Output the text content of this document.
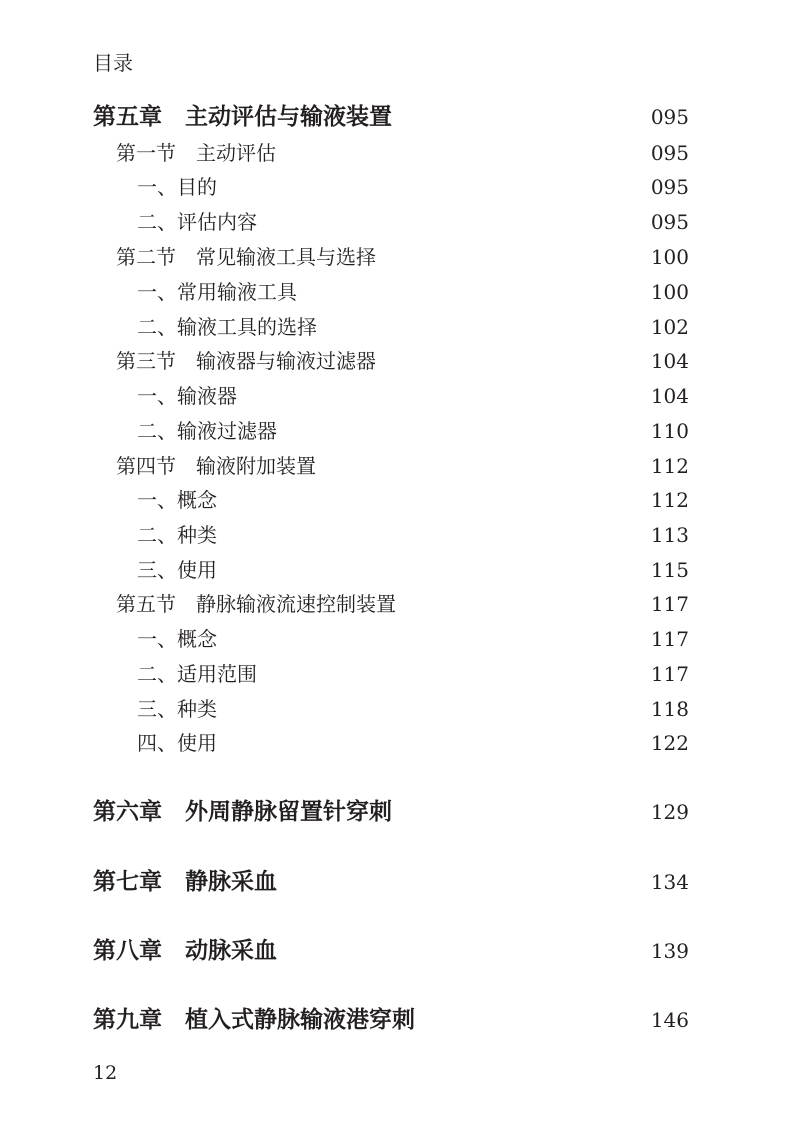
目录
第五章　主动评估与输液装置	095
第一节　主动评估	095
一、目的	095
二、评估内容	095
第二节　常见输液工具与选择	100
一、常用输液工具	100
二、输液工具的选择	102
第三节　输液器与输液过滤器	104
一、输液器	104
二、输液过滤器	110
第四节　输液附加装置	112
一、概念	112
二、种类	113
三、使用	115
第五节　静脉输液流速控制装置	117
一、概念	117
二、适用范围	117
三、种类	118
四、使用	122
第六章　外周静脉留置针穿刺	129
第七章　静脉采血	134
第八章　动脉采血	139
第九章　植入式静脉输液港穿刺	146
12
